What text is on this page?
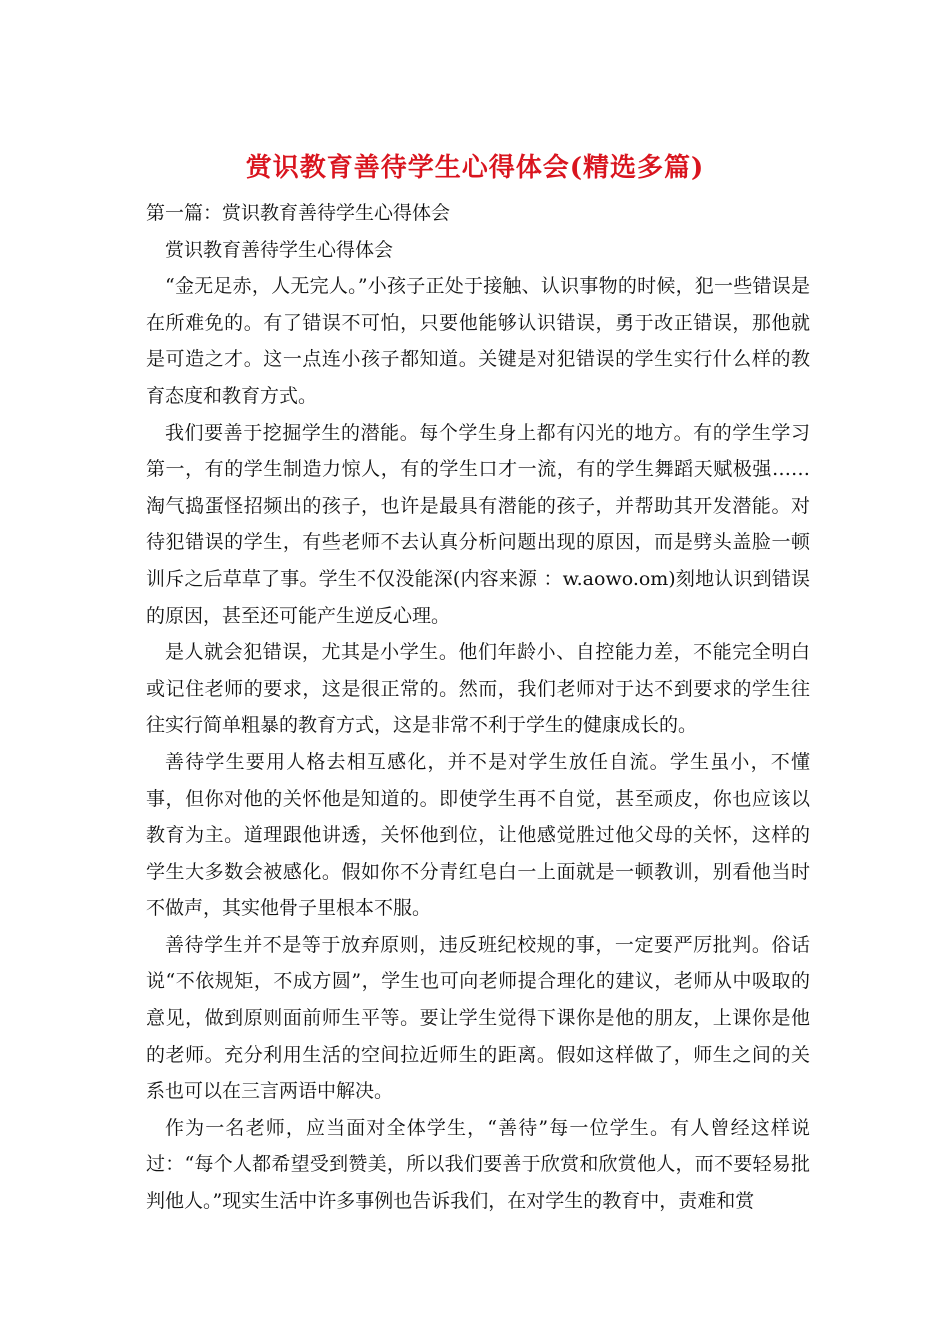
赏识教育善待学生心得体会(精选多篇)

第一篇：赏识教育善待学生心得体会

赏识教育善待学生心得体会

“金无足赤，人无完人。”小孩子正处于接触、认识事物的时候，犯一些错误是在所难免的。有了错误不可怕，只要他能够认识错误，勇于改正错误，那他就是可造之才。这一点连小孩子都知道。关键是对犯错误的学生实行什么样的教育态度和教育方式。

我们要善于挖掘学生的潜能。每个学生身上都有闪光的地方。有的学生学习第一，有的学生制造力惊人，有的学生口才一流，有的学生舞蹈天赋极强……淘气捣蛋怪招频出的孩子，也许是最具有潜能的孩子，并帮助其开发潜能。对待犯错误的学生，有些老师不去认真分析问题出现的原因，而是劈头盖脸一顿训斥之后草草了事。学生不仅没能深(内容来源 ：w.aowo.om)刻地认识到错误的原因，甚至还可能产生逆反心理。

是人就会犯错误，尤其是小学生。他们年龄小、自控能力差，不能完全明白或记住老师的要求，这是很正常的。然而，我们老师对于达不到要求的学生往往实行简单粗暴的教育方式，这是非常不利于学生的健康成长的。

善待学生要用人格去相互感化，并不是对学生放任自流。学生虽小，不懂事，但你对他的关怀他是知道的。即使学生再不自觉，甚至顽皮，你也应该以教育为主。道理跟他讲透，关怀他到位，让他感觉胜过他父母的关怀，这样的学生大多数会被感化。假如你不分青红皂白一上面就是一顿教训，别看他当时不做声，其实他骨子里根本不服。

善待学生并不是等于放弃原则，违反班纪校规的事，一定要严厉批判。俗话说“不依规矩，不成方圆”，学生也可向老师提合理化的建议，老师从中吸取的意见，做到原则面前师生平等。要让学生觉得下课你是他的朋友，上课你是他的老师。充分利用生活的空间拉近师生的距离。假如这样做了，师生之间的关系也可以在三言两语中解决。

作为一名老师，应当面对全体学生，“善待”每一位学生。有人曾经这样说过：“每个人都希望受到赞美，所以我们要善于欣赏和欣赏他人，而不要轻易批判他人。”现实生活中许多事例也告诉我们，在对学生的教育中，责难和赏
